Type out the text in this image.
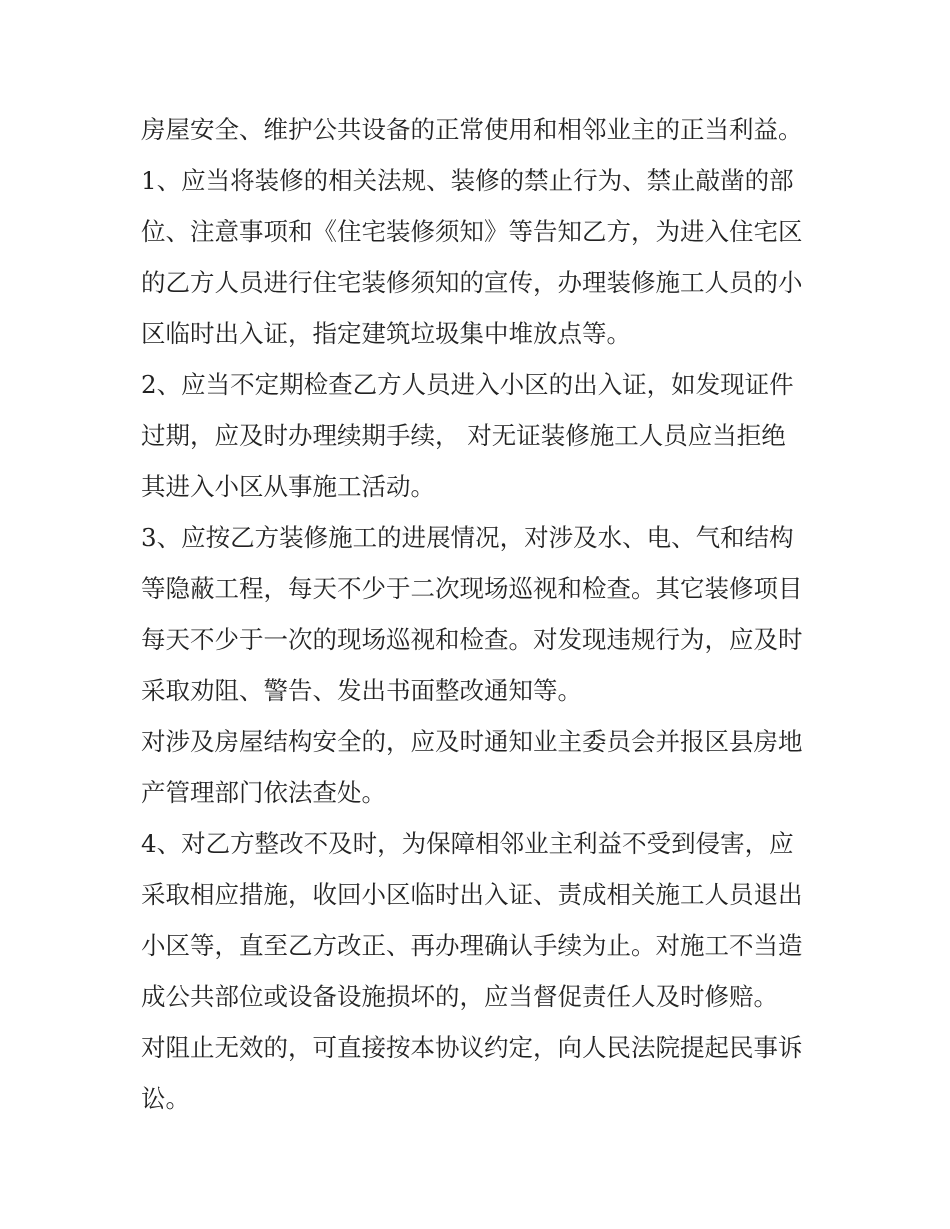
房屋安全、维护公共设备的正常使用和相邻业主的正当利益。
1、应当将装修的相关法规、装修的禁止行为、禁止敲凿的部
位、注意事项和《住宅装修须知》等告知乙方，为进入住宅区
的乙方人员进行住宅装修须知的宣传，办理装修施工人员的小
区临时出入证，指定建筑垃圾集中堆放点等。
2、应当不定期检查乙方人员进入小区的出入证，如发现证件
过期，应及时办理续期手续， 对无证装修施工人员应当拒绝
其进入小区从事施工活动。
3、应按乙方装修施工的进展情况，对涉及水、电、气和结构
等隐蔽工程，每天不少于二次现场巡视和检查。其它装修项目
每天不少于一次的现场巡视和检查。对发现违规行为，应及时
采取劝阻、警告、发出书面整改通知等。
对涉及房屋结构安全的，应及时通知业主委员会并报区县房地
产管理部门依法查处。
4、对乙方整改不及时，为保障相邻业主利益不受到侵害，应
采取相应措施，收回小区临时出入证、责成相关施工人员退出
小区等，直至乙方改正、再办理确认手续为止。对施工不当造
成公共部位或设备设施损坏的，应当督促责任人及时修赔。
对阻止无效的，可直接按本协议约定，向人民法院提起民事诉
讼。
